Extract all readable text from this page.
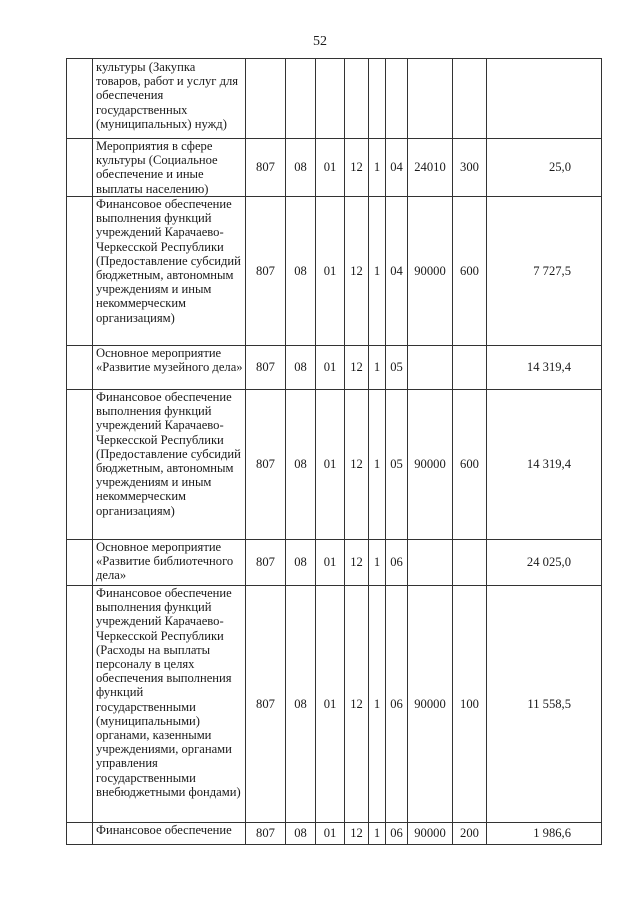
52
	культуры (Закупка товаров, работ и услуг для обеспечения государственных (муниципальных) нужд)									
	Мероприятия в сфере культуры (Социальное обеспечение и иные выплаты населению)	807	08	01	12	1	04	24010	300	25,0
	Финансовое обеспечение выполнения функций учреждений Карачаево-Черкесской Республики (Предоставление субсидий бюджетным, автономным учреждениям и иным некоммерческим организациям)	807	08	01	12	1	04	90000	600	7 727,5
	Основное мероприятие «Развитие музейного дела»	807	08	01	12	1	05			14 319,4
	Финансовое обеспечение выполнения функций учреждений Карачаево-Черкесской Республики (Предоставление субсидий бюджетным, автономным учреждениям и иным некоммерческим организациям)	807	08	01	12	1	05	90000	600	14 319,4
	Основное мероприятие «Развитие библиотечного дела»	807	08	01	12	1	06			24 025,0
	Финансовое обеспечение выполнения функций учреждений Карачаево-Черкесской Республики (Расходы на выплаты персоналу в целях обеспечения выполнения функций государственными (муниципальными) органами, казенными учреждениями, органами управления государственными внебюджетными фондами)	807	08	01	12	1	06	90000	100	11 558,5
	Финансовое обеспечение	807	08	01	12	1	06	90000	200	1 986,6
